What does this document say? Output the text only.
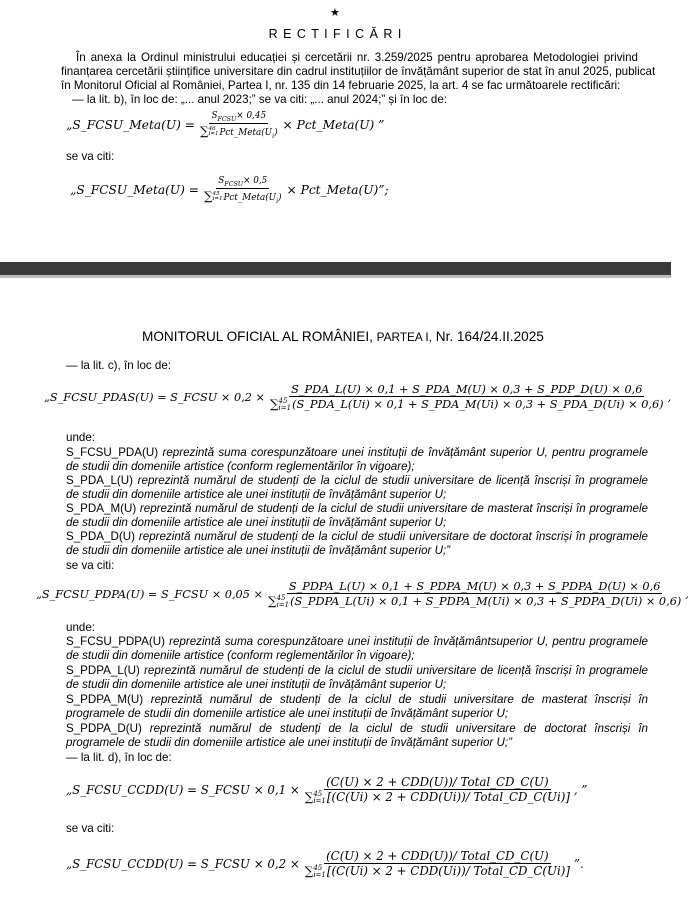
★
R E C T I F I C Ă R I
În anexa la Ordinul ministrului educației și cercetării nr. 3.259/2025 pentru aprobarea Metodologiei privind
finanțarea cercetării științifice universitare din cadrul instituțiilor de învățământ superior de stat în anul 2025, publicat
în Monitorul Oficial al României, Partea I, nr. 135 din 14 februarie 2025, la art. 4 se fac următoarele rectificări:
— la lit. b), în loc de: „... anul 2023;” se va citi: „... anul 2024;” și în loc de:
„ S_FCSU_Meta(U) = $S_{FCSU}\times 0,45$
∑ 46
i=1 $Pct\_Meta(U_i)$ × Pct_Meta(U) ”
se va citi:
„ S_FCSU_Meta(U) = $S_{FCSU}\times 0,5$
∑ 45
i=1 $Pct\_Meta(U_i)$ × Pct_Meta(U)”;
MONITORUL OFICIAL AL ROMÂNIEI, PARTEA I, Nr. 164/24.II.2025
— la lit. c), în loc de:
„S_FCSU_PDAS(U) = S_FCSU × 0,2 ×
S_PDA_L(U) × 0,1 + S_PDA_M(U) × 0,3 + S_PDP_D(U) × 0,6
∑ 45
i=1 (S_PDA_L(Ui) × 0,1 + S_PDA_M(Ui) × 0,3 + S_PDA_D(Ui) × 0,6)
,
unde:
S_FCSU_PDA(U) reprezintă suma corespunzătoare unei instituții de învățământ superior U, pentru programele
de studii din domeniile artistice (conform reglementărilor în vigoare);
S_PDA_L(U) reprezintă numărul de studenți de la ciclul de studii universitare de licență înscriși în programele
de studii din domeniile artistice ale unei instituții de învățământ superior U;
S_PDA_M(U) reprezintă numărul de studenți de la ciclul de studii universitare de masterat înscriși în programele
de studii din domeniile artistice ale unei instituții de învățământ superior U;
S_PDA_D(U) reprezintă numărul de studenți de la ciclul de studii universitare de doctorat înscriși în programele
de studii din domeniile artistice ale unei instituții de învățământ superior U;”
se va citi:
„S_FCSU_PDPA(U) = S_FCSU × 0,05 ×
S_PDPA_L(U) × 0,1 + S_PDPA_M(U) × 0,3 + S_PDPA_D(U) × 0,6
∑ 45
i=1 (S_PDPA_L(Ui) × 0,1 + S_PDPA_M(Ui) × 0,3 + S_PDPA_D(Ui) × 0,6)
,
unde:
S_FCSU_PDPA(U) reprezintă suma corespunzătoare unei instituții de învățământsuperior U, pentru programele
de studii din domeniile artistice (conform reglementărilor în vigoare);
S_PDPA_L(U) reprezintă numărul de studenți de la ciclul de studii universitare de licență înscriși în programele
de studii din domeniile artistice ale unei instituții de învățământ superior U;
S_PDPA_M(U) reprezintă numărul de studenți de la ciclul de studii universitare de masterat înscriși în
programele de studii din domeniile artistice ale unei instituții de învățământ superior U;
S_PDPA_D(U) reprezintă numărul de studenți de la ciclul de studii universitare de doctorat înscriși în
programele de studii din domeniile artistice ale unei instituții de învățământ superior U;”
— la lit. d), în loc de:
„S_FCSU_CCDD(U) = S_FCSU × 0,1 × (C(U) × 2 + CDD(U))/ Total_CD_C(U)
∑ 45
i=1 [(C(Ui) × 2 + CDD(Ui))/ Total_CD_C(Ui)] , ”
se va citi:
„S_FCSU_CCDD(U) = S_FCSU × 0,2 × (C(U) × 2 + CDD(U))/ Total_CD_C(U)
∑ 45
i=1 [(C(Ui) × 2 + CDD(Ui))/ Total_CD_C(Ui)] ”.
